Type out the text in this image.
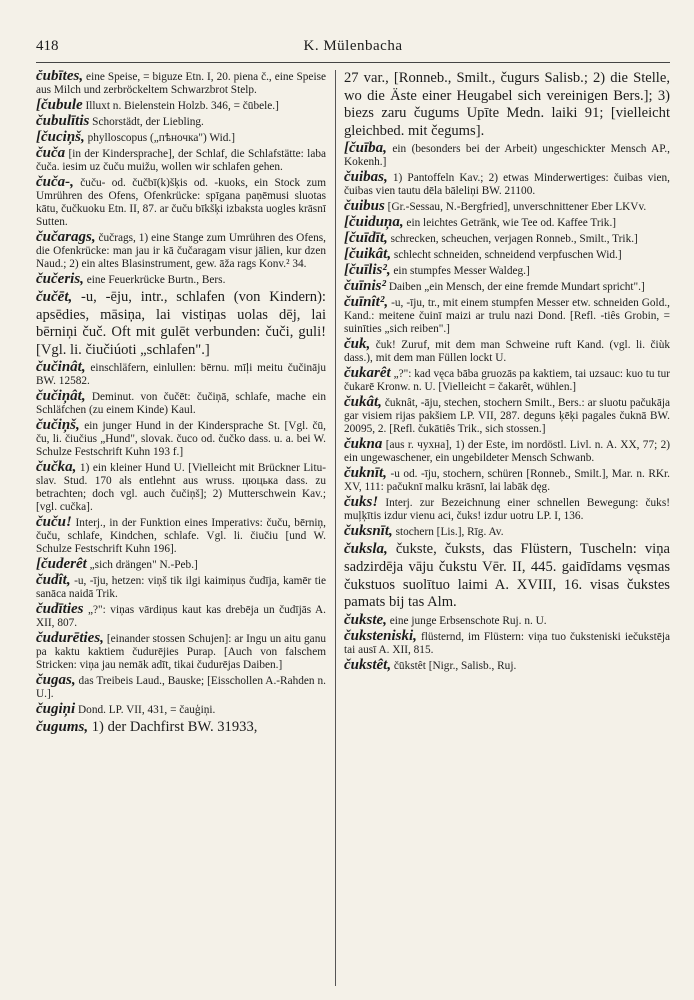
418	K. Mülenbacha

čubītes, eine Speise, = biguze Etn. I, 20. piena č., eine Speise aus Milch und zerbröckeltem Schwarzbrot Stelp.

[čubule Illuxt n. Bielenstein Holzb. 346, = čūbele.]

čubulītis Schorstädt, der Liebling.

[čuciņš, phylloscopus („пѣночка") Wid.]

čuča [in der Kindersprache], der Schlaf, die Schlafstätte: laba čuča. iesim uz čuču muižu, wollen wir schlafen gehen.

čuča-, čuču- od. čučbī(k)šķis od. -kuoks, ein Stock zum Umrühren des Ofens, Ofenkrücke: spīgana paņēmusi sluotas kātu, čučkuoku Etn. II, 87. ar čuču bīkšķi izbaksta uogles krāsnī Sutten.

čučarags, čučrags, 1) eine Stange zum Umrühren des Ofens, die Ofenkrücke: man jau ir kā čučaragam visur jālien, kur dzen Naud.; 2) ein altes Blasinstrument, gew. āža rags Konv.² 34.

čučeris, eine Feuerkrücke Burtn., Bers.

čučēt, -u, -ēju, intr., schlafen (von Kindern): apsēdies, māsiņa, lai vistiņas uolas dēj, lai bērniņi čuč. Oft mit gulēt verbunden: čuči, guli! [Vgl. li. čiučiúoti „schlafen".]

čučinât, einschläfern, einlullen: bērnu. mīļi meitu čučināju BW. 12582.

čučiņât, Deminut. von čučēt: čučiņā, schlafe, mache ein Schläfchen (zu einem Kinde) Kaul.

čučiņš, ein junger Hund in der Kindersprache St. [Vgl. čū, ču, li. čiučius „Hund", slovak. čuco od. čučko dass. u. a. bei W. Schulze Festschrift Kuhn 193 f.]

čučka, 1) ein kleiner Hund U. [Vielleicht mit Brückner Litu-slav. Stud. 170 als entlehnt aus wruss. цюцька dass. zu betrachten; doch vgl. auch čučiņš]; 2) Mutterschwein Kav.; [vgl. cučka].

čuču! Interj., in der Funktion eines Imperativs: čuču, bērniņ, čuču, schlafe, Kindchen, schlafe. Vgl. li. čiučiu [und W. Schulze Festschrift Kuhn 196].

[čuderêt „sich drängen" N.-Peb.]

čudît, -u, -īju, hetzen: viņš tik ilgi kaimiņus čudīja, kamēr tie sanāca naidā Trik.

čudīties „?": viņas vārdiņus kaut kas drebēja un čudījās A. XII, 807.

čudurēties, [einander stossen Schujen]: ar Ingu un aitu ganu pa kaktu kaktiem čudurējies Purap. [Auch von falschem Stricken: viņa jau nemāk adīt, tikai čudurējas Daiben.]

čugas, das Treibeis Laud., Bauske; [Eisschollen A.-Rahden n. U.].

čugiņi Dond. LP. VII, 431, = čauģiņi.

čugums, 1) der Dachfirst BW. 31933,

27 var., [Ronneb., Smilt., čugurs Salisb.; 2) die Stelle, wo die Äste einer Heugabel sich vereinigen Bers.]; 3) biezs zaru čugums Upīte Medn. laiki 91; [vielleicht gleichbed. mit čegums].

[čuība, ein (besonders bei der Arbeit) ungeschickter Mensch AP., Kokenh.]

čuibas, 1) Pantoffeln Kav.; 2) etwas Minderwertiges: čuibas vien, čuibas vien tautu dēla bāleliņi BW. 21100.

čuibus [Gr.-Sessau, N.-Bergfried], unverschnittener Eber LKVv.

[čuiduņa, ein leichtes Getränk, wie Tee od. Kaffee Trik.]

[čuīdīt, schrecken, scheuchen, verjagen Ronneb., Smilt., Trik.]

[čuikât, schlecht schneiden, schneidend verpfuschen Wid.]

[čuīlis², ein stumpfes Messer Waldeg.]

čuīnis² Daiben „ein Mensch, der eine fremde Mundart spricht".]

čuīnît², -u, -īju, tr., mit einem stumpfen Messer etw. schneiden Gold., Kand.: meitene čuinī maizi ar trulu nazi Dond. [Refl. -tiês Grobin, = suinīties „sich reiben".]

čuk, čuk! Zuruf, mit dem man Schweine ruft Kand. (vgl. li. čiùk dass.), mit dem man Füllen lockt U.

čukarêt „?": kad vęca bāba gruozās pa kaktiem, tai uzsauc: kuo tu tur čukarē Kronw. n. U. [Vielleicht = čakarêt, wühlen.]

čukât, čuknât, -āju, stechen, stochern Smilt., Bers.: ar sluotu pačukāja gar visiem rijas pakšiem LP. VII, 287. deguns ķēķi pagales čuknā BW. 20095, 2. [Refl. čukātiês Trik., sich stossen.]

čukna [aus r. чухна], 1) der Este, im nordöstl. Livl. n. A. XX, 77; 2) ein ungewaschener, ein ungebildeter Mensch Schwanb.

čuknīt, -u od. -īju, stochern, schüren [Ronneb., Smilt.], Mar. n. RKr. XV, 111: pačuknī malku krāsnī, lai labāk dęg.

čuks! Interj. zur Bezeichnung einer schnellen Bewegung: čuks! muļķītis izdur vienu aci, čuks! izdur uotru LP. I, 136.

čuksnīt, stochern [Lis.], Rīg. Av.

čuksla, čukste, čuksts, das Flüstern, Tuscheln: viņa sadzirdēja vāju čukstu Vēr. II, 445. gaidīdams vęsmas čukstuos suolītuo laimi A. XVIII, 16. visas čukstes pamats bij tas Alm.

čukste, eine junge Erbsenschote Ruj. n. U.

čuksteniski, flüsternd, im Flüstern: viņa tuo čuksteniski iečukstēja tai ausī A. XII, 815.

čukstêt, čūkstêt [Nigr., Salisb., Ruj.
